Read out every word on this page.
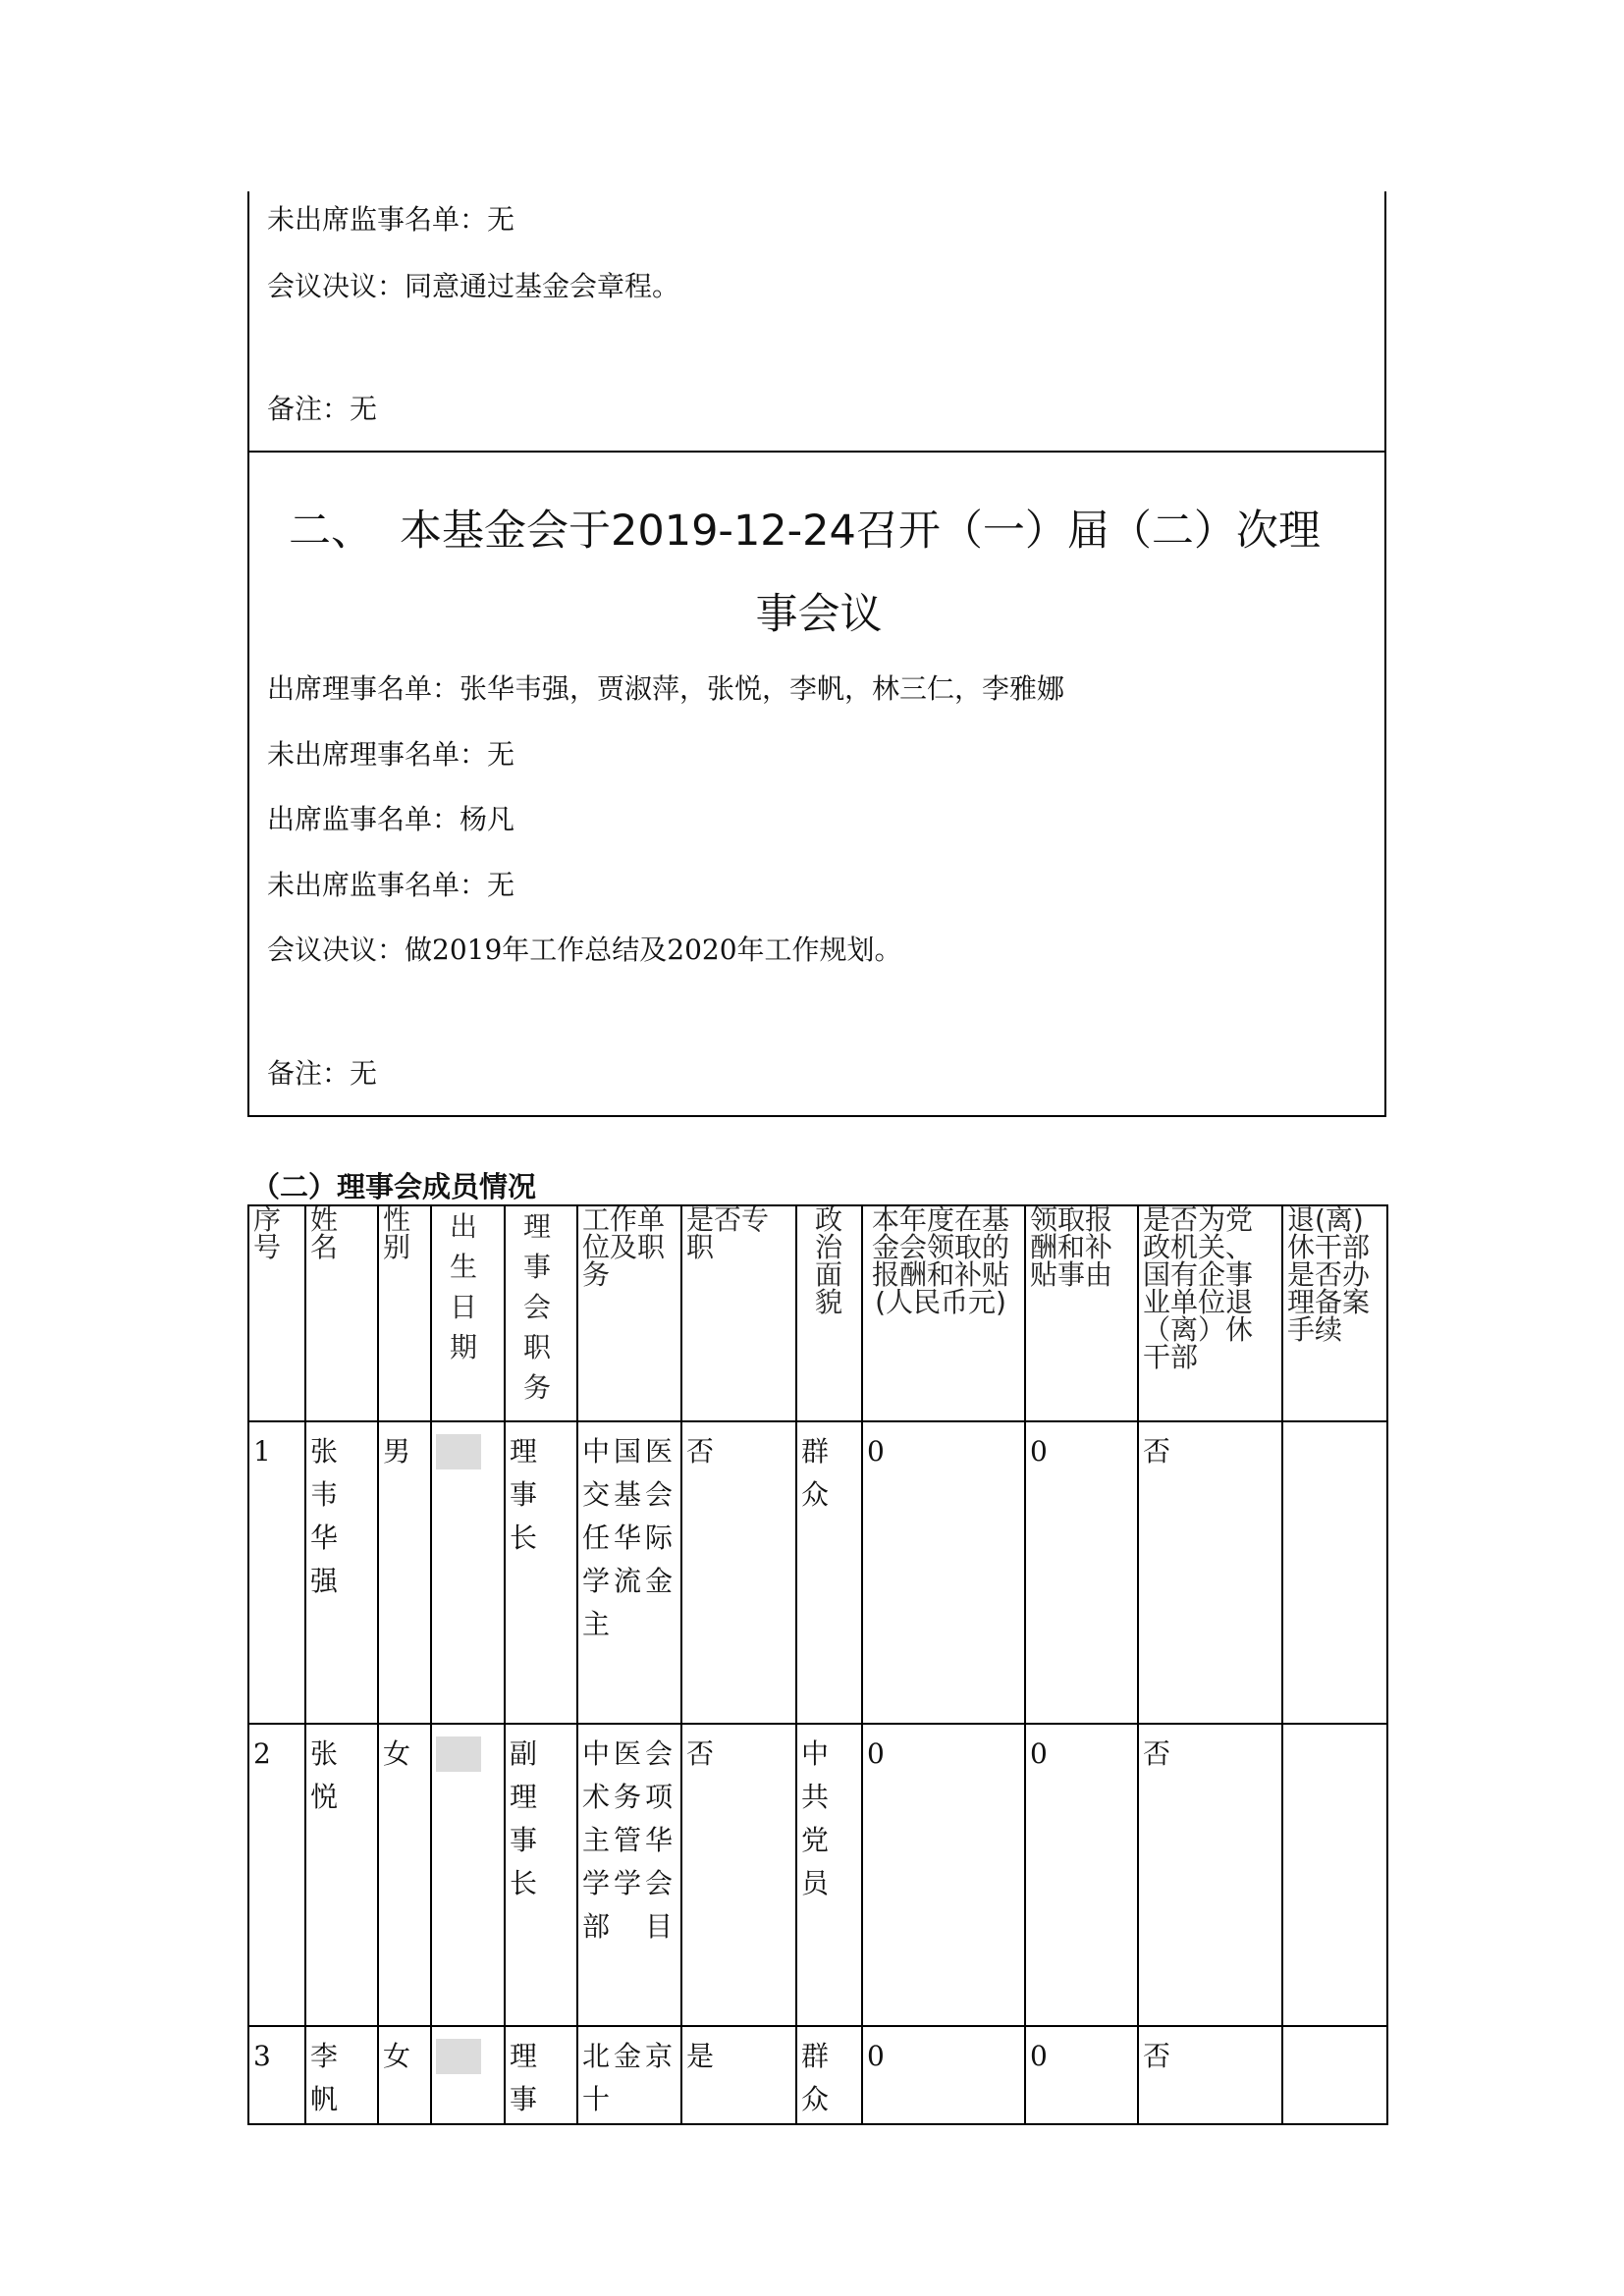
未出席监事名单：无
会议决议：同意通过基金会章程。
备注：无
二、 本基金会于2019-12-24召开（一）届（二）次理
事会议
出席理事名单：张华韦强，贾淑萍，张悦，李帆，林三仁，李雅娜
未出席理事名单：无
出席监事名单：杨凡
未出席监事名单：无
会议决议：做2019年工作总结及2020年工作规划。
备注：无
（二）理事会成员情况
序号	姓名	性别	出生日期	理事会职务	工作单位及职务	是否专职	政治面貌	本年度在基金会领取的报酬和补贴(人民币元)	领取报酬和补贴事由	是否为党政机关、国有企事业单位退（离）休干部	退(离)休干部是否办理备案手续

1	张韦华强	男		理事长	中国医交基会任华际学流金主	否	群众	0	0	否	
2	张悦	女		副理事长	中医会术务项主管华学学会部目	否	中共党员	0	0	否	
3	李帆	女		理事	北金京十	是	群众	0	0	否	
